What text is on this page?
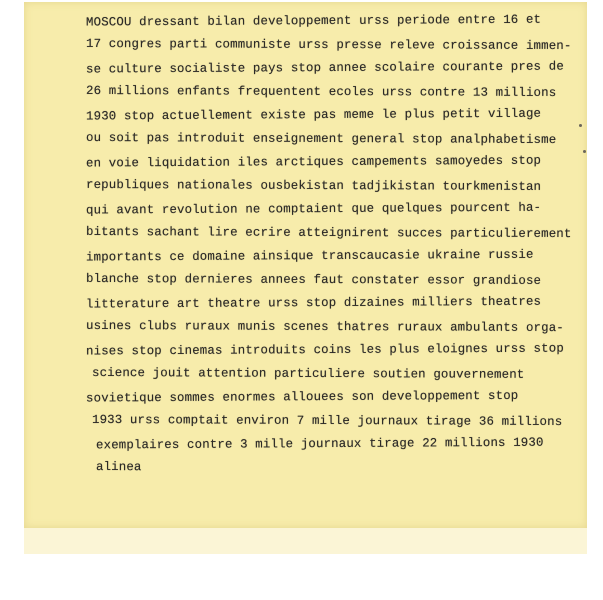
MOSCOU dressant bilan developpement urss periode entre 16 et
17 congres parti communiste urss presse releve croissance immen-
se culture socialiste pays stop annee scolaire courante pres de
26 millions enfants frequentent ecoles urss contre 13 millions
1930 stop actuellement existe pas meme le plus petit village
ou soit pas introduit enseignement general stop analphabetisme
en voie liquidation iles arctiques campements samoyedes stop
republiques nationales ousbekistan tadjikistan tourkmenistan
qui avant revolution ne comptaient que quelques pourcent ha-
bitants sachant lire ecrire atteignirent succes particulierement
importants ce domaine ainsique transcaucasie ukraine russie
blanche stop dernieres annees faut constater essor grandiose
litterature art theatre urss stop dizaines milliers theatres
usines clubs ruraux munis scenes thatres ruraux ambulants orga-
nises stop cinemas introduits coins les plus eloignes urss stop
science jouit attention particuliere soutien gouvernement
sovietique sommes enormes allouees son developpement stop
1933 urss comptait environ 7 mille journaux tirage 36 millions
exemplaires contre 3 mille journaux tirage 22 millions 1930
alinea
